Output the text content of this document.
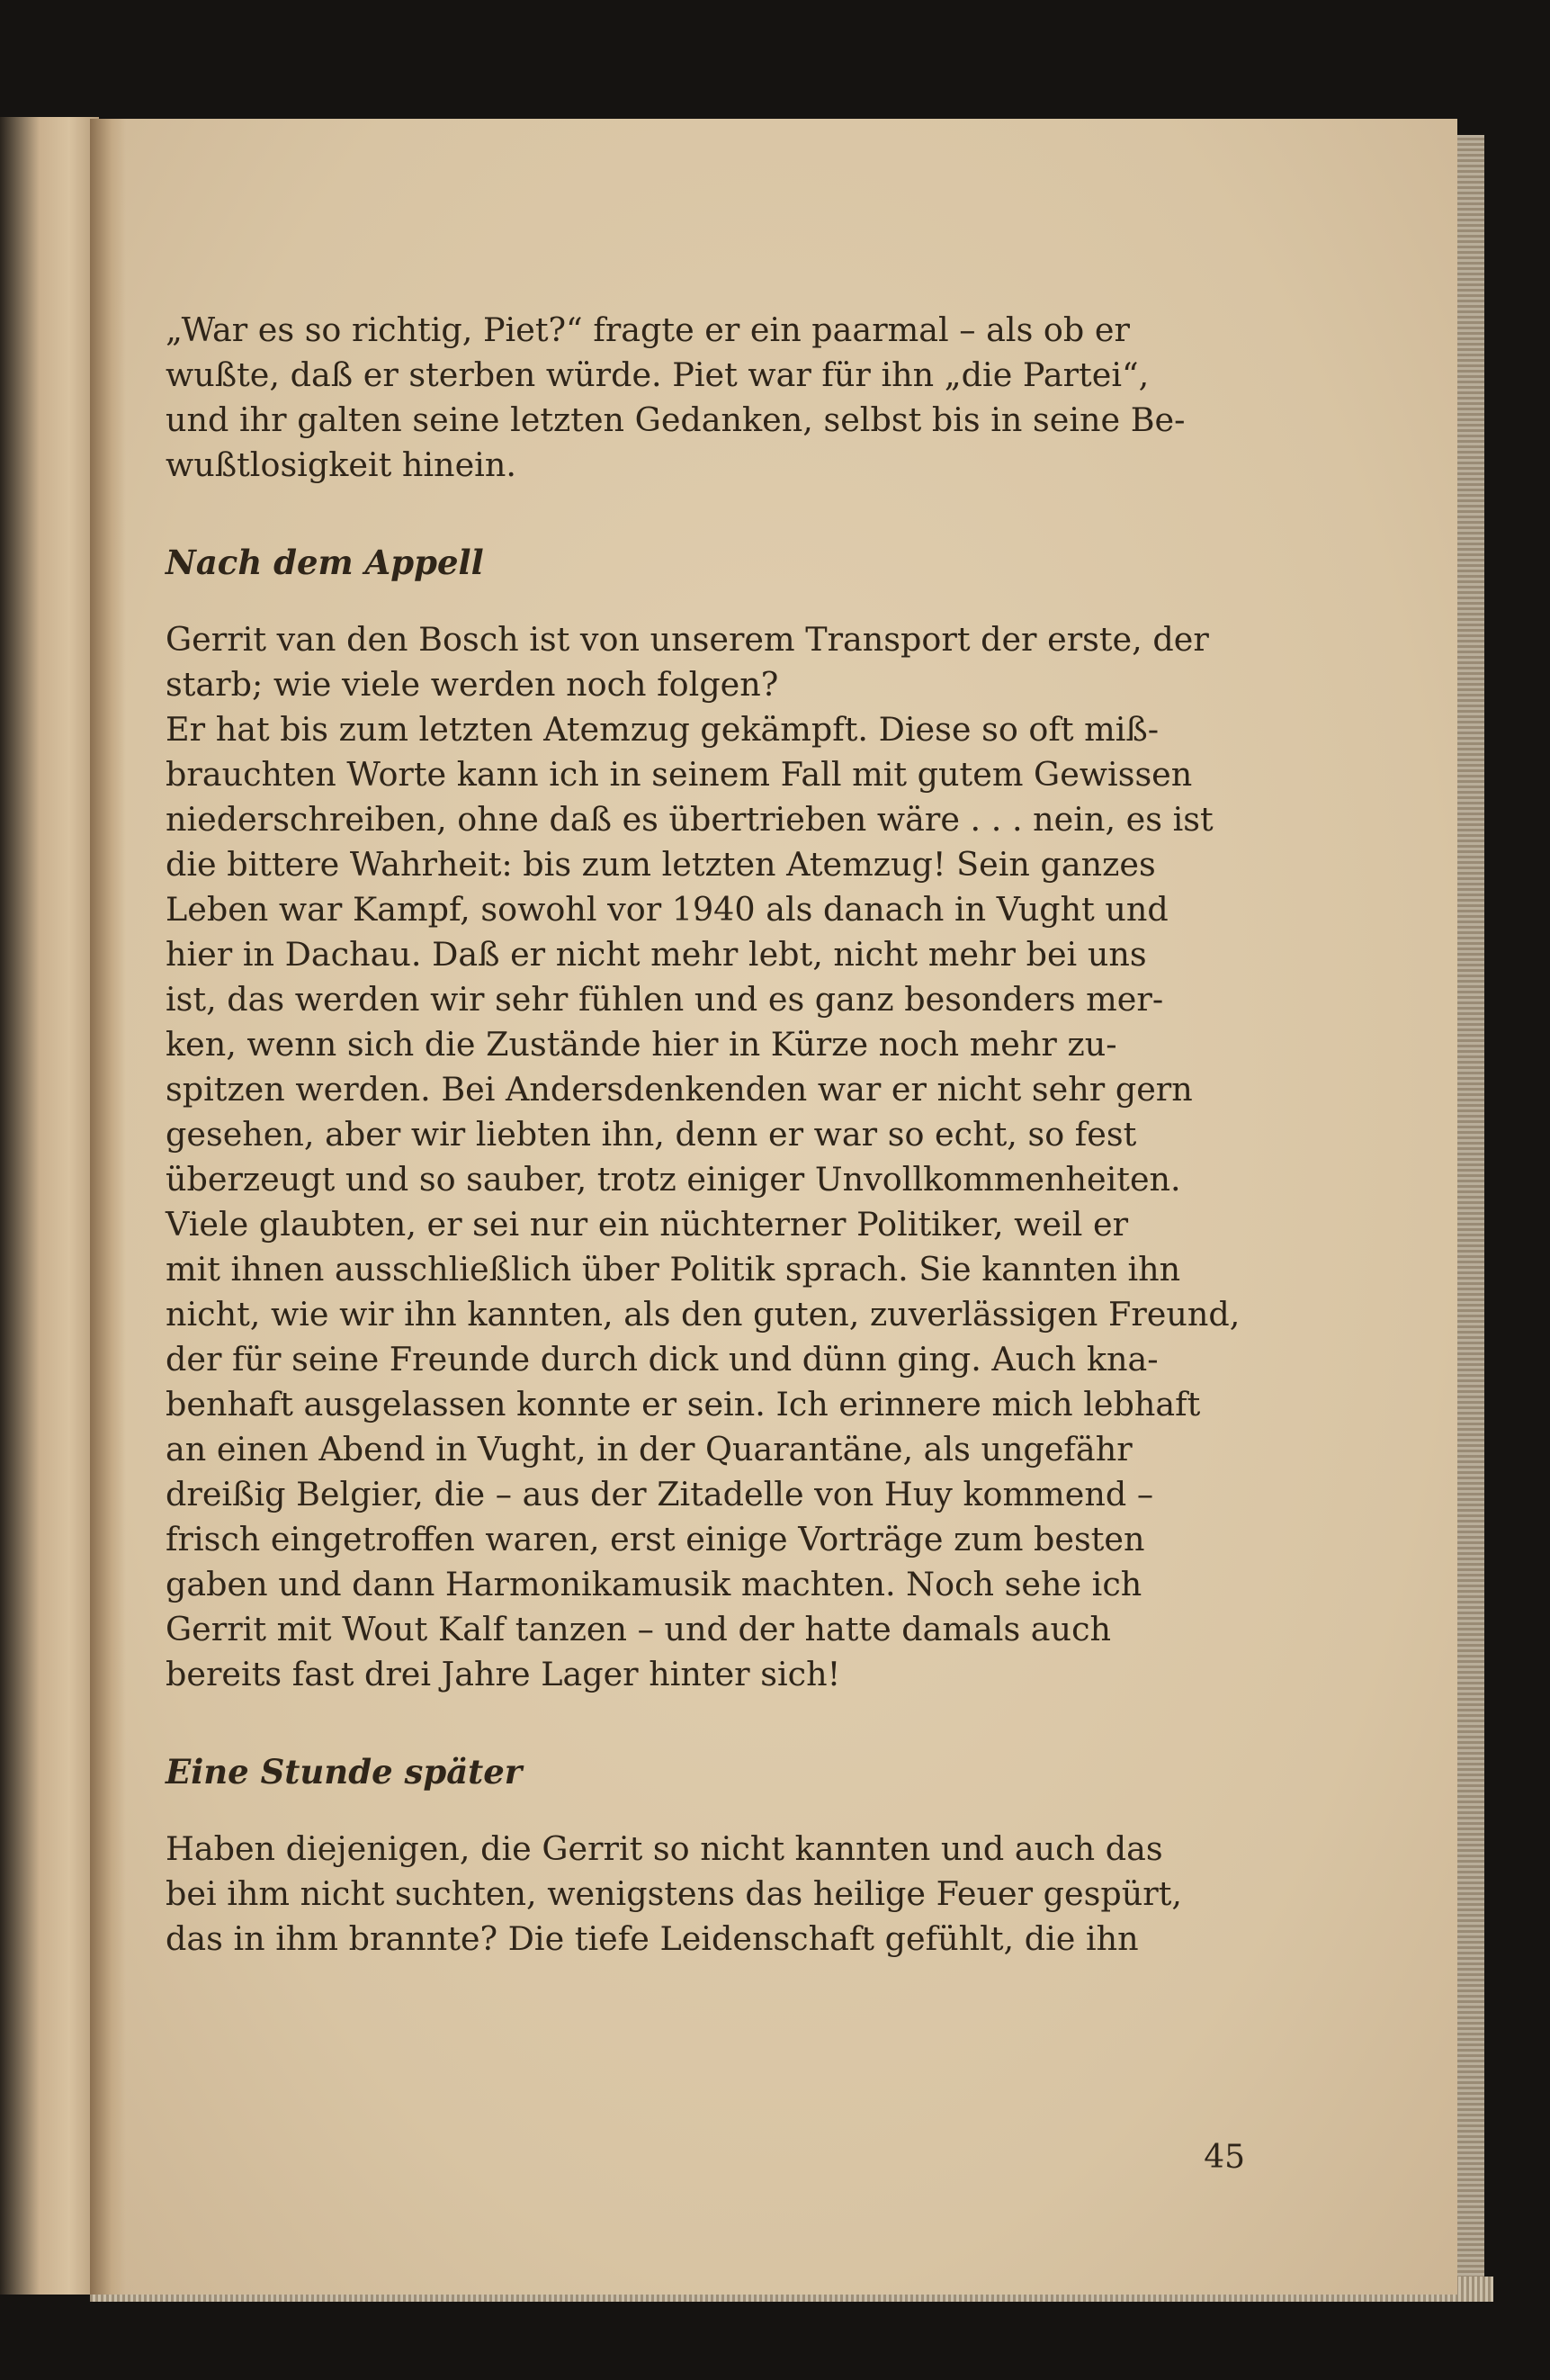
„War es so richtig, Piet?“ fragte er ein paarmal – als ob er
wußte, daß er sterben würde. Piet war für ihn „die Partei“,
und ihr galten seine letzten Gedanken, selbst bis in seine Be-
wußtlosigkeit hinein.

Nach dem Appell

Gerrit van den Bosch ist von unserem Transport der erste, der
starb; wie viele werden noch folgen?
Er hat bis zum letzten Atemzug gekämpft. Diese so oft miß-
brauchten Worte kann ich in seinem Fall mit gutem Gewissen
niederschreiben, ohne daß es übertrieben wäre . . . nein, es ist
die bittere Wahrheit: bis zum letzten Atemzug! Sein ganzes
Leben war Kampf, sowohl vor 1940 als danach in Vught und
hier in Dachau. Daß er nicht mehr lebt, nicht mehr bei uns
ist, das werden wir sehr fühlen und es ganz besonders mer-
ken, wenn sich die Zustände hier in Kürze noch mehr zu-
spitzen werden. Bei Andersdenkenden war er nicht sehr gern
gesehen, aber wir liebten ihn, denn er war so echt, so fest
überzeugt und so sauber, trotz einiger Unvollkommenheiten.
Viele glaubten, er sei nur ein nüchterner Politiker, weil er
mit ihnen ausschließlich über Politik sprach. Sie kannten ihn
nicht, wie wir ihn kannten, als den guten, zuverlässigen Freund,
der für seine Freunde durch dick und dünn ging. Auch kna-
benhaft ausgelassen konnte er sein. Ich erinnere mich lebhaft
an einen Abend in Vught, in der Quarantäne, als ungefähr
dreißig Belgier, die – aus der Zitadelle von Huy kommend –
frisch eingetroffen waren, erst einige Vorträge zum besten
gaben und dann Harmonikamusik machten. Noch sehe ich
Gerrit mit Wout Kalf tanzen – und der hatte damals auch
bereits fast drei Jahre Lager hinter sich!

Eine Stunde später

Haben diejenigen, die Gerrit so nicht kannten und auch das
bei ihm nicht suchten, wenigstens das heilige Feuer gespürt,
das in ihm brannte? Die tiefe Leidenschaft gefühlt, die ihn

45
